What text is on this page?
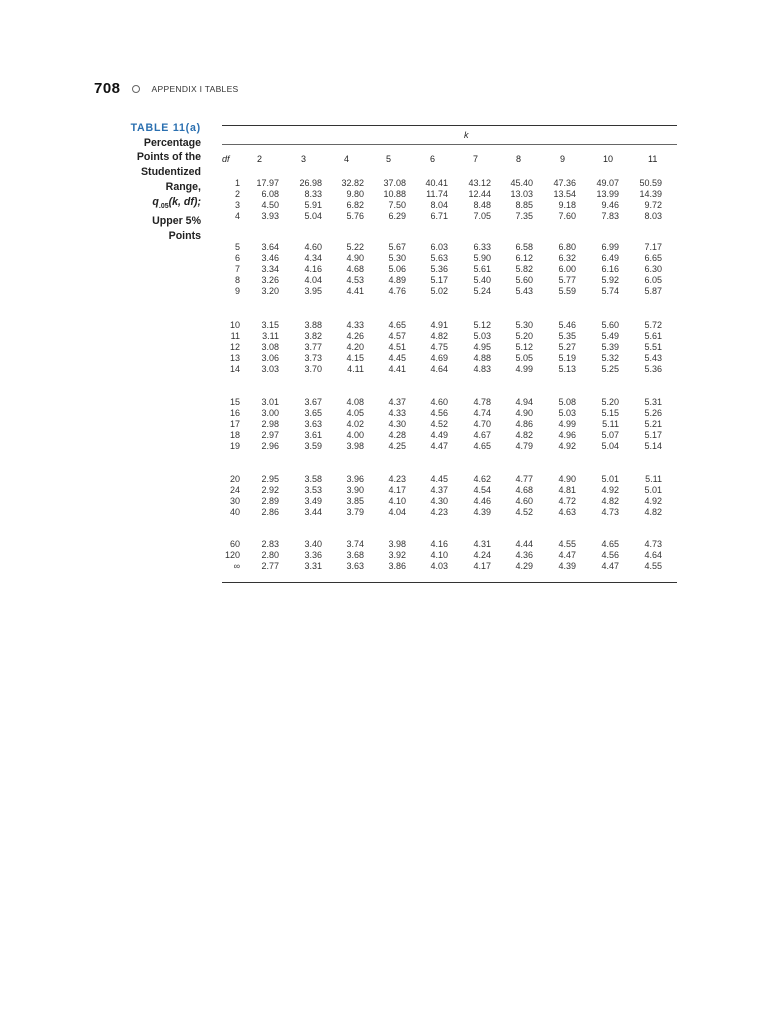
708	APPENDIX I TABLES
TABLE 11(a)
Percentage
Points of the
Studentized
Range,
$q_{.05}(k$, df);
Upper 5%
Points
k
df	2	3	4	5	6	7	8	9	10	11
1 17.97 26.98 32.82 37.08 40.41 43.12 45.40 47.36 49.07 50.59
2 6.08	8.33	9.80 10.88 11.74 12.44 13.03 13.54 13.99 14.39
3 4.50	5.91	6.82	7.50	8.04	8.48	8.85	9.18	9.46	9.72
4 3.93	5.04	5.76	6.29	6.71	7.05	7.35	7.60	7.83	8.03
5 3.64	4.60	5.22	5.67	6.03	6.33	6.58	6.80	6.99	7.17
6 3.46	4.34	4.90	5.30	5.63	5.90	6.12	6.32	6.49	6.65
7 3.34	4.16	4.68	5.06	5.36	5.61	5.82	6.00	6.16	6.30
8 3.26	4.04	4.53	4.89	5.17	5.40	5.60	5.77	5.92	6.05
9 3.20	3.95	4.41	4.76	5.02	5.24	5.43	5.59	5.74	5.87
10 3.15	3.88	4.33	4.65	4.91	5.12	5.30	5.46	5.60	5.72
11 3.11	3.82	4.26	4.57	4.82	5.03	5.20	5.35	5.49	5.61
12 3.08	3.77	4.20	4.51	4.75	4.95	5.12	5.27	5.39	5.51
13 3.06	3.73	4.15	4.45	4.69	4.88	5.05	5.19	5.32	5.43
14 3.03	3.70	4.11	4.41	4.64	4.83	4.99	5.13	5.25	5.36
15 3.01	3.67	4.08	4.37	4.60	4.78	4.94	5.08	5.20	5.31
16 3.00	3.65	4.05	4.33	4.56	4.74	4.90	5.03	5.15	5.26
17 2.98	3.63	4.02	4.30	4.52	4.70	4.86	4.99	5.11	5.21
18 2.97	3.61	4.00	4.28	4.49	4.67	4.82	4.96	5.07	5.17
19 2.96	3.59	3.98	4.25	4.47	4.65	4.79	4.92	5.04	5.14
20 2.95	3.58	3.96	4.23	4.45	4.62	4.77	4.90	5.01	5.11
24 2.92	3.53	3.90	4.17	4.37	4.54	4.68	4.81	4.92	5.01
30 2.89	3.49	3.85	4.10	4.30	4.46	4.60	4.72	4.82	4.92
40 2.86	3.44	3.79	4.04	4.23	4.39	4.52	4.63	4.73	4.82
60 2.83	3.40	3.74	3.98	4.16	4.31	4.44	4.55	4.65	4.73
120 2.80	3.36	3.68	3.92	4.10	4.24	4.36	4.47	4.56	4.64
∞ 2.77	3.31	3.63	3.86	4.03	4.17	4.29	4.39	4.47	4.55
